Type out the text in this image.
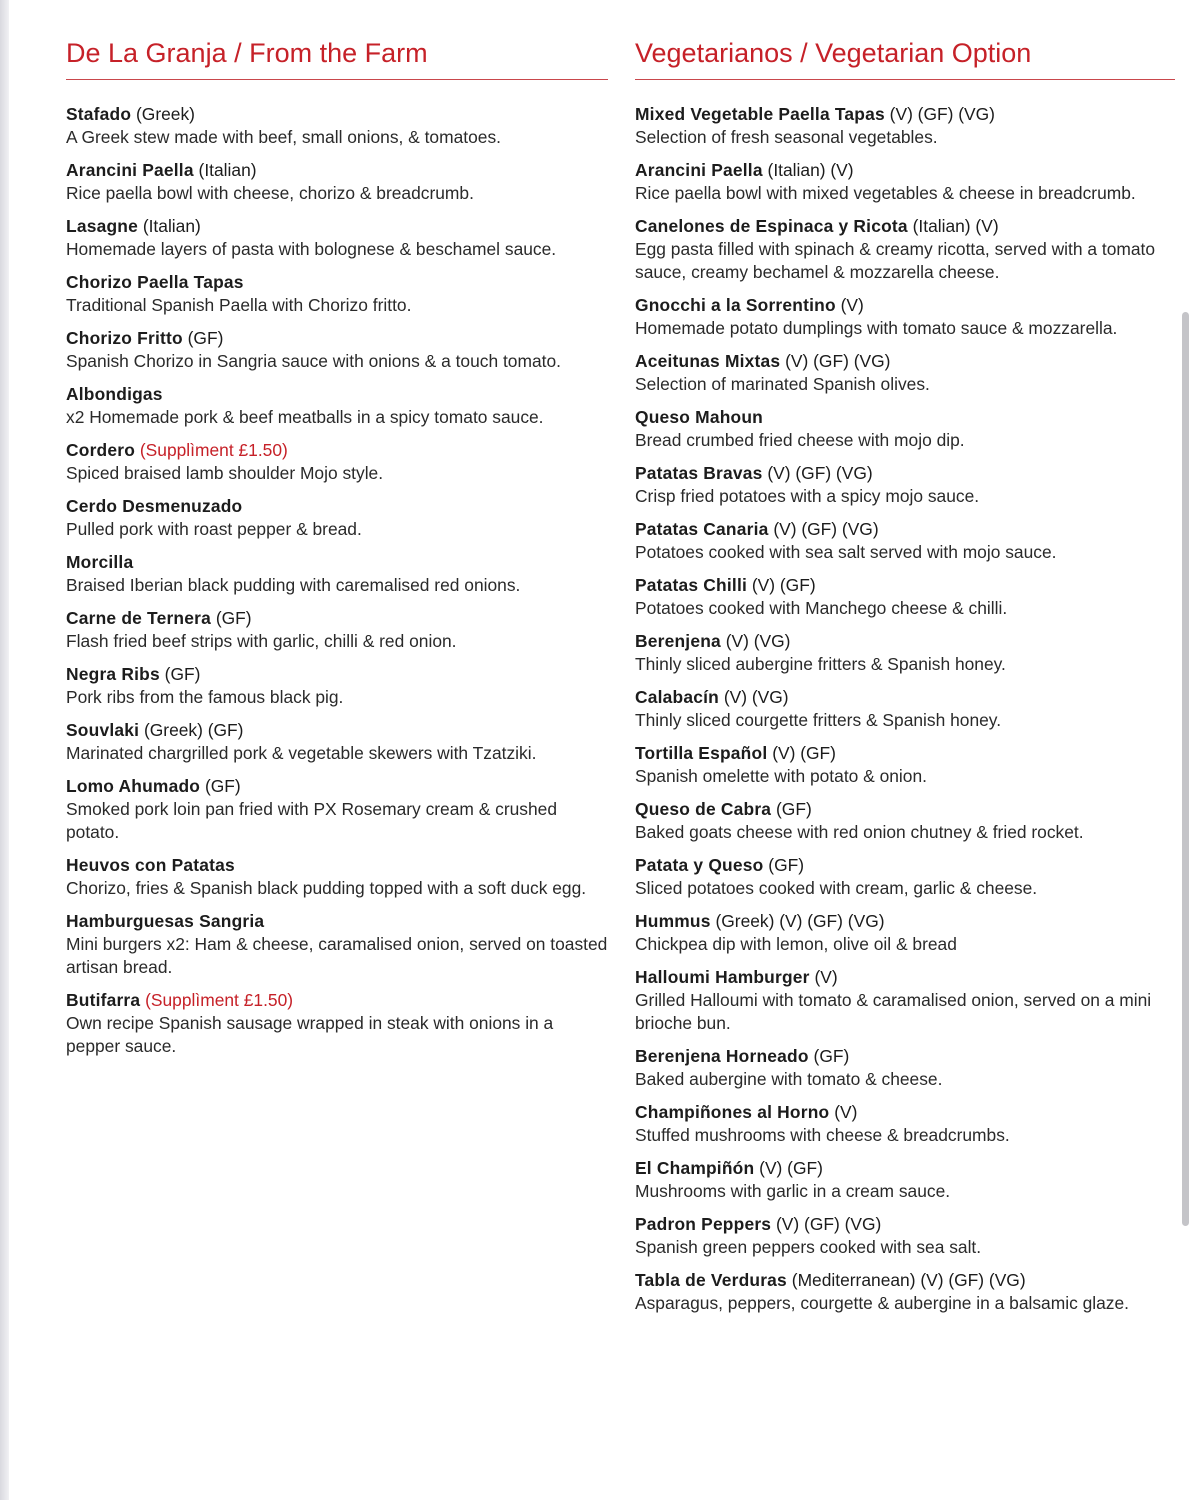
De La Granja / From the Farm
Stafado (Greek)
A Greek stew made with beef, small onions, & tomatoes.
Arancini Paella (Italian)
Rice paella bowl with cheese, chorizo & breadcrumb.
Lasagne (Italian)
Homemade layers of pasta with bolognese & beschamel sauce.
Chorizo Paella Tapas
Traditional Spanish Paella with Chorizo fritto.
Chorizo Fritto (GF)
Spanish Chorizo in Sangria sauce with onions & a touch tomato.
Albondigas
x2 Homemade pork & beef meatballs in a spicy tomato sauce.
Cordero (Supplìment £1.50)
Spiced braised lamb shoulder Mojo style.
Cerdo Desmenuzado
Pulled pork with roast pepper & bread.
Morcilla
Braised Iberian black pudding with caremalised red onions.
Carne de Ternera (GF)
Flash fried beef strips with garlic, chilli & red onion.
Negra Ribs (GF)
Pork ribs from the famous black pig.
Souvlaki (Greek) (GF)
Marinated chargrilled pork & vegetable skewers with Tzatziki.
Lomo Ahumado (GF)
Smoked pork loin pan fried with PX Rosemary cream & crushed potato.
Heuvos con Patatas
Chorizo, fries & Spanish black pudding topped with a soft duck egg.
Hamburguesas Sangria
Mini burgers x2: Ham & cheese, caramalised onion, served on toasted artisan bread.
Butifarra (Supplìment £1.50)
Own recipe Spanish sausage wrapped in steak with onions in a pepper sauce.
Vegetarianos / Vegetarian Option
Mixed Vegetable Paella Tapas (V) (GF) (VG)
Selection of fresh seasonal vegetables.
Arancini Paella (Italian) (V)
Rice paella bowl with mixed vegetables & cheese in breadcrumb.
Canelones de Espinaca y Ricota (Italian) (V)
Egg pasta filled with spinach & creamy ricotta, served with a tomato sauce, creamy bechamel & mozzarella cheese.
Gnocchi a la Sorrentino (V)
Homemade potato dumplings with tomato sauce & mozzarella.
Aceitunas Mixtas (V) (GF) (VG)
Selection of marinated Spanish olives.
Queso Mahoun
Bread crumbed fried cheese with mojo dip.
Patatas Bravas (V) (GF) (VG)
Crisp fried potatoes with a spicy mojo sauce.
Patatas Canaria (V) (GF) (VG)
Potatoes cooked with sea salt served with mojo sauce.
Patatas Chilli (V) (GF)
Potatoes cooked with Manchego cheese & chilli.
Berenjena (V) (VG)
Thinly sliced aubergine fritters & Spanish honey.
Calabacín (V) (VG)
Thinly sliced courgette fritters & Spanish honey.
Tortilla Español (V) (GF)
Spanish omelette with potato & onion.
Queso de Cabra (GF)
Baked goats cheese with red onion chutney & fried rocket.
Patata y Queso (GF)
Sliced potatoes cooked with cream, garlic & cheese.
Hummus (Greek) (V) (GF) (VG)
Chickpea dip with lemon, olive oil & bread
Halloumi Hamburger (V)
Grilled Halloumi with tomato & caramalised onion, served on a mini brioche bun.
Berenjena Horneado (GF)
Baked aubergine with tomato & cheese.
Champiñones al Horno (V)
Stuffed mushrooms with cheese & breadcrumbs.
El Champiñón (V) (GF)
Mushrooms with garlic in a cream sauce.
Padron Peppers (V) (GF) (VG)
Spanish green peppers cooked with sea salt.
Tabla de Verduras (Mediterranean) (V) (GF) (VG)
Asparagus, peppers, courgette & aubergine in a balsamic glaze.
